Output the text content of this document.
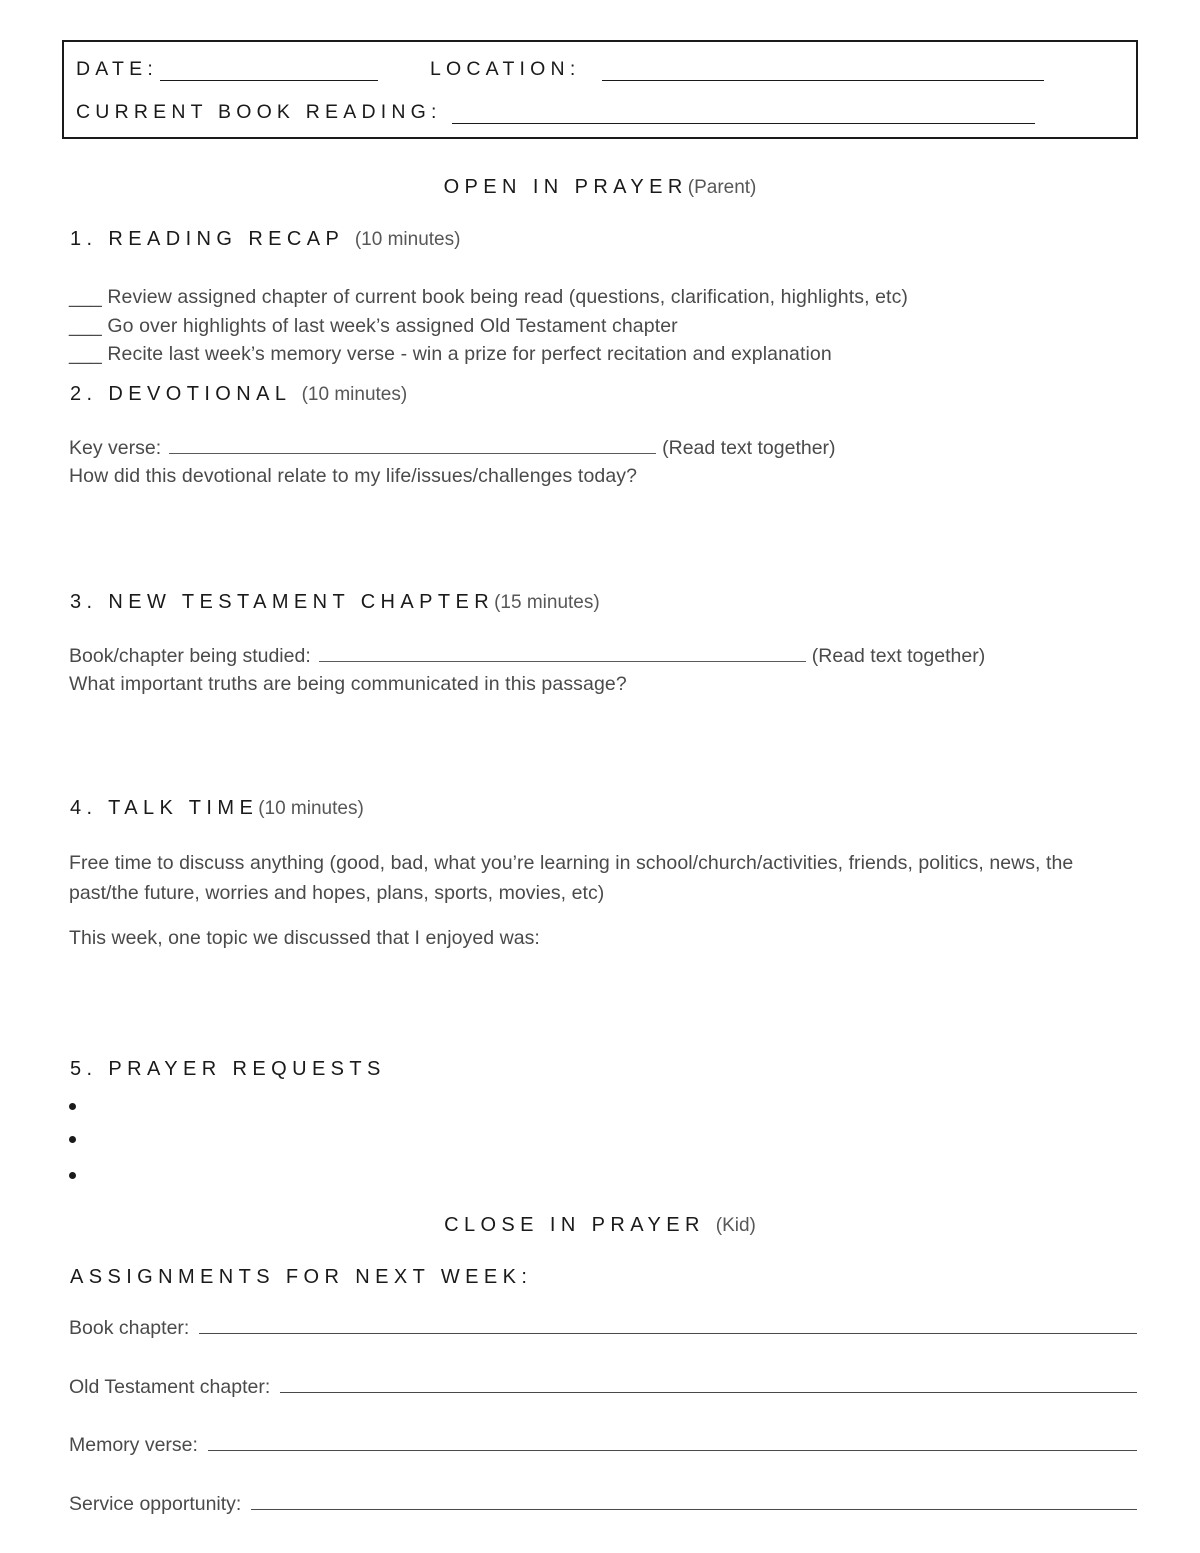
DATE:	LOCATION:
CURRENT BOOK READING:
OPEN IN PRAYER(Parent)
1. READING RECAP (10 minutes)
___ Review assigned chapter of current book being read (questions, clarification, highlights, etc)
___ Go over highlights of last week’s assigned Old Testament chapter
___ Recite last week’s memory verse - win a prize for perfect recitation and explanation
2. DEVOTIONAL (10 minutes)
Key verse:	(Read text together)
How did this devotional relate to my life/issues/challenges today?
3. NEW TESTAMENT CHAPTER(15 minutes)
Book/chapter being studied:	(Read text together)
What important truths are being communicated in this passage?
4. TALK TIME(10 minutes)
Free time to discuss anything (good, bad, what you’re learning in school/church/activities, friends, politics, news, the past/the future, worries and hopes, plans, sports, movies, etc)
This week, one topic we discussed that I enjoyed was:
5. PRAYER REQUESTS
CLOSE IN PRAYER (Kid)
ASSIGNMENTS FOR NEXT WEEK:
Book chapter:
Old Testament chapter:
Memory verse:
Service opportunity:
